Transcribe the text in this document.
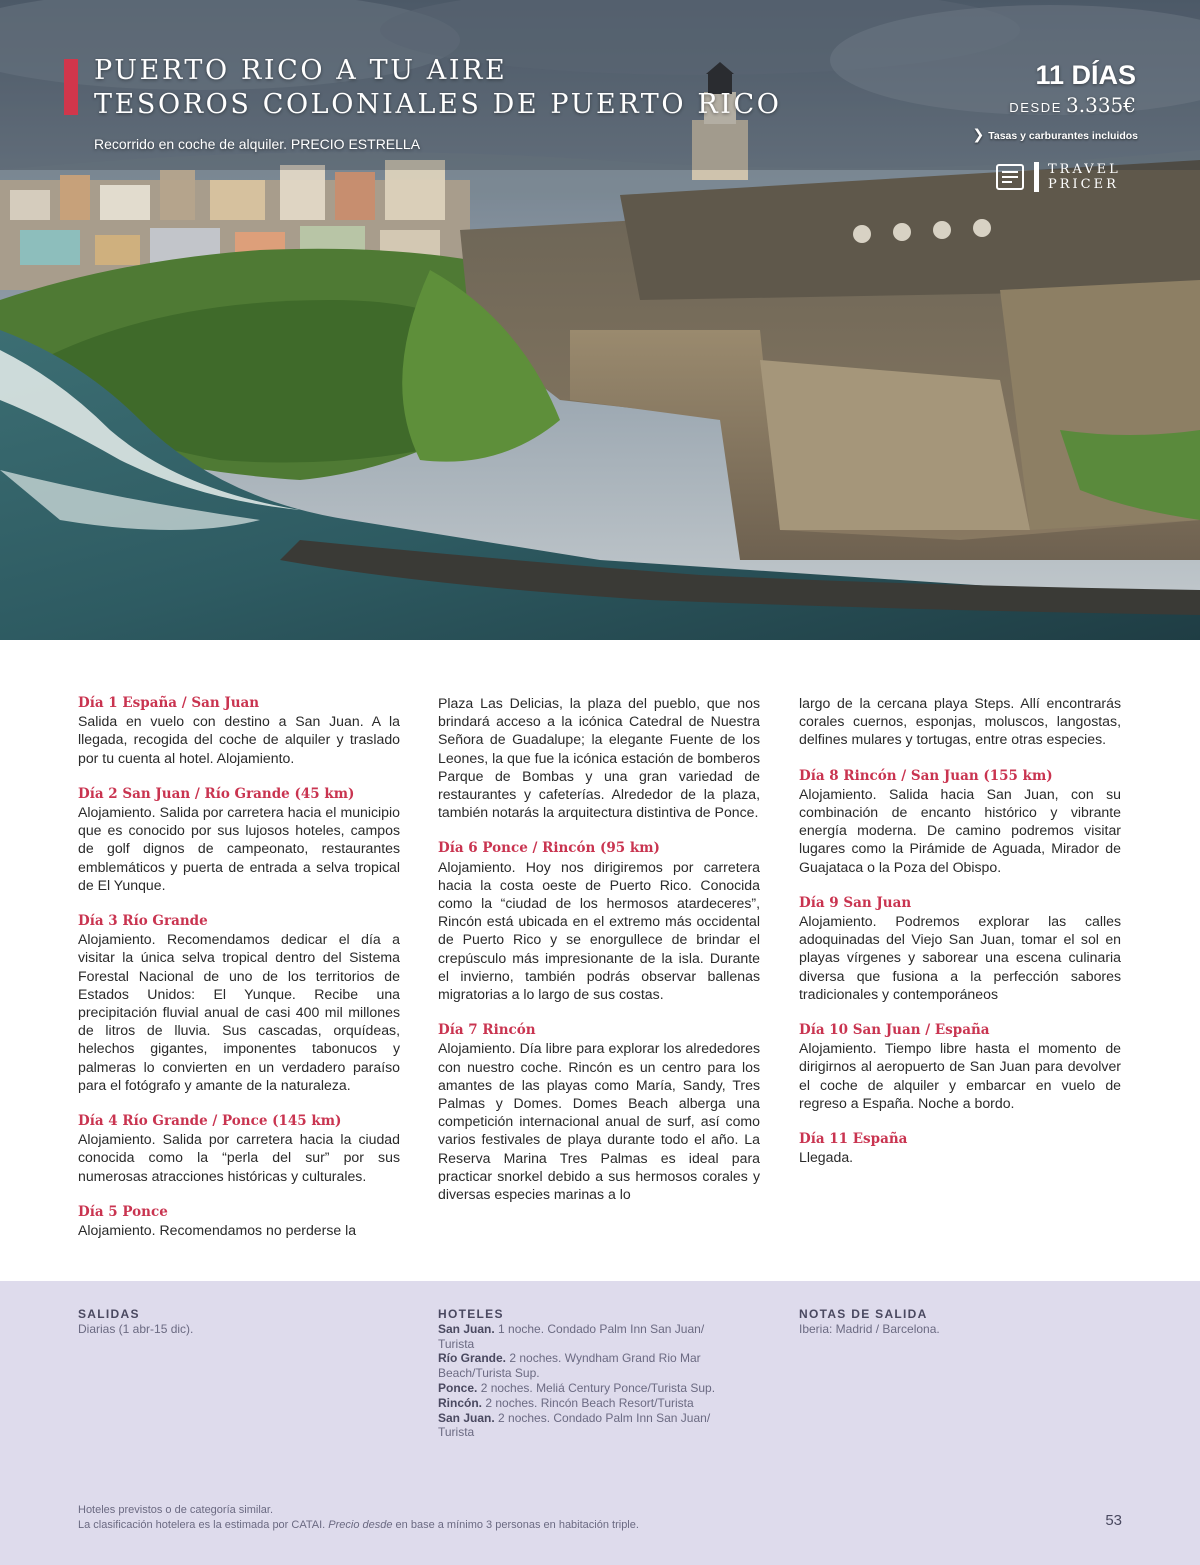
PUERTO RICO A TU AIRE
TESOROS COLONIALES DE PUERTO RICO
Recorrido en coche de alquiler. PRECIO ESTRELLA
11 DÍAS
DESDE 3.335€
❯ Tasas y carburantes incluidos
TRAVEL
PRICER
Día 1 España / San Juan
Salida en vuelo con destino a San Juan. A la llegada, recogida del coche de alquiler y traslado por tu cuenta al hotel. Alojamiento.
Día 2 San Juan / Río Grande (45 km)
Alojamiento. Salida por carretera hacia el municipio que es conocido por sus lujosos hoteles, campos de golf dignos de campeonato, restaurantes emblemáticos y puerta de entrada a selva tropical de El Yunque.
Día 3 Río Grande
Alojamiento. Recomendamos dedicar el día a visitar la única selva tropical dentro del Sistema Forestal Nacional de uno de los territorios de Estados Unidos: El Yunque. Recibe una precipitación fluvial anual de casi 400 mil millones de litros de lluvia. Sus cascadas, orquídeas, helechos gigantes, imponentes tabonucos y palmeras lo convierten en un verdadero paraíso para el fotógrafo y amante de la naturaleza.
Día 4 Río Grande / Ponce (145 km)
Alojamiento. Salida por carretera hacia la ciudad conocida como la “perla del sur” por sus numerosas atracciones históricas y culturales.
Día 5 Ponce
Alojamiento. Recomendamos no perderse la
Plaza Las Delicias, la plaza del pueblo, que nos brindará acceso a la icónica Catedral de Nuestra Señora de Guadalupe; la elegante Fuente de los Leones, la que fue la icónica estación de bomberos Parque de Bombas y una gran variedad de restaurantes y cafeterías. Alrededor de la plaza, también notarás la arquitectura distintiva de Ponce.
Día 6 Ponce / Rincón (95 km)
Alojamiento. Hoy nos dirigiremos por carretera hacia la costa oeste de Puerto Rico. Conocida como la “ciudad de los hermosos atardeceres”, Rincón está ubicada en el extremo más occidental de Puerto Rico y se enorgullece de brindar el crepúsculo más impresionante de la isla. Durante el invierno, también podrás observar ballenas migratorias a lo largo de sus costas.
Día 7 Rincón
Alojamiento. Día libre para explorar los alrededores con nuestro coche. Rincón es un centro para los amantes de las playas como María, Sandy, Tres Palmas y Domes. Domes Beach alberga una competición internacional anual de surf, así como varios festivales de playa durante todo el año. La Reserva Marina Tres Palmas es ideal para practicar snorkel debido a sus hermosos corales y diversas especies marinas a lo
largo de la cercana playa Steps. Allí encontrarás corales cuernos, esponjas, moluscos, langostas, delfines mulares y tortugas, entre otras especies.
Día 8 Rincón / San Juan (155 km)
Alojamiento. Salida hacia San Juan, con su combinación de encanto histórico y vibrante energía moderna. De camino podremos visitar lugares como la Pirámide de Aguada, Mirador de Guajataca o la Poza del Obispo.
Día 9 San Juan
Alojamiento. Podremos explorar las calles adoquinadas del Viejo San Juan, tomar el sol en playas vírgenes y saborear una escena culinaria diversa que fusiona a la perfección sabores tradicionales y contemporáneos
Día 10 San Juan / España
Alojamiento. Tiempo libre hasta el momento de dirigirnos al aeropuerto de San Juan para devolver el coche de alquiler y embarcar en vuelo de regreso a España. Noche a bordo.
Día 11 España
Llegada.
SALIDAS
Diarias (1 abr-15 dic).
HOTELES
San Juan. 1 noche. Condado Palm Inn San Juan/ Turista
Río Grande. 2 noches. Wyndham Grand Rio Mar Beach/Turista Sup.
Ponce. 2 noches. Meliá Century Ponce/Turista Sup.
Rincón. 2 noches. Rincón Beach Resort/Turista
San Juan. 2 noches. Condado Palm Inn San Juan/ Turista
NOTAS DE SALIDA
Iberia: Madrid / Barcelona.
Hoteles previstos o de categoría similar.
La clasificación hotelera es la estimada por CATAI. Precio desde en base a mínimo 3 personas en habitación triple.	53
